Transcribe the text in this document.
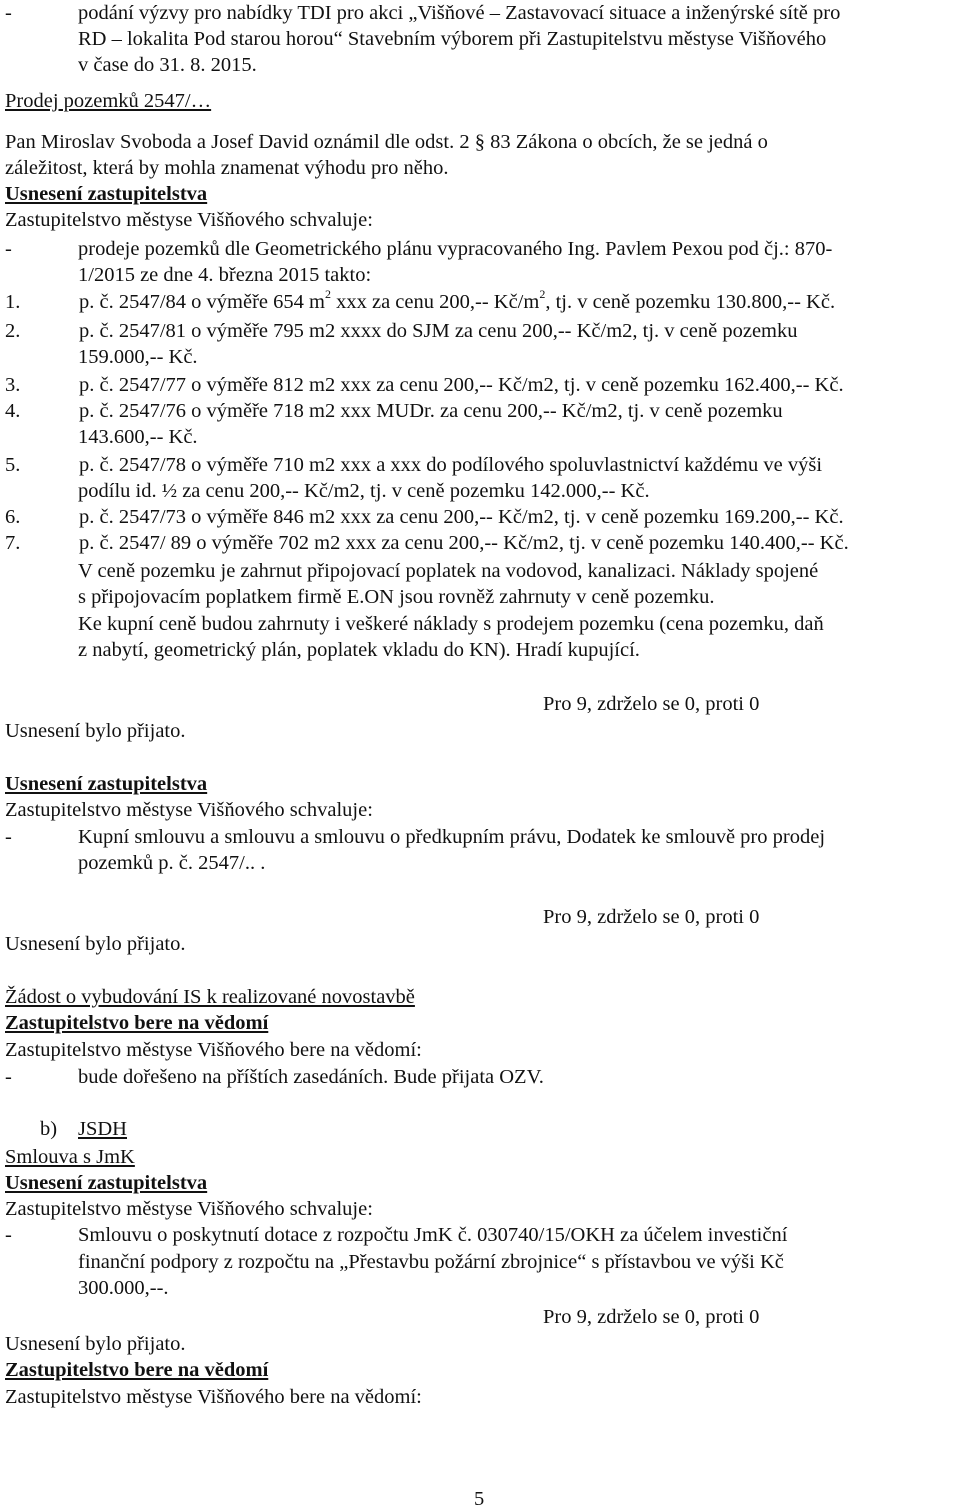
-	podání výzvy pro nabídky TDI pro akci „Višňové – Zastavovací situace a inženýrské sítě pro
RD – lokalita Pod starou horou“ Stavebním výborem při Zastupitelstvu městyse Višňového
v čase do 31. 8. 2015.
Prodej pozemků 2547/…
Pan Miroslav Svoboda a Josef David oznámil dle odst. 2 § 83 Zákona o obcích, že se jedná o
záležitost, která by mohla znamenat výhodu pro něho.
Usnesení zastupitelstva
Zastupitelstvo městyse Višňového schvaluje:
-	prodeje pozemků dle Geometrického plánu vypracovaného Ing. Pavlem Pexou pod čj.: 870-
1/2015 ze dne 4. března 2015 takto:
1.	p. č. 2547/84 o výměře 654 $m^2$ xxx za cenu 200,-- $Kč/m^2$, tj. v ceně pozemku 130.800,-- Kč.
2.	p. č. 2547/81 o výměře 795 m2 xxxx do SJM za cenu 200,-- Kč/m2, tj. v ceně pozemku
159.000,-- Kč.
3.	p. č. 2547/77 o výměře 812 m2 xxx za cenu 200,-- Kč/m2, tj. v ceně pozemku 162.400,-- Kč.
4.	p. č. 2547/76 o výměře 718 m2 xxx MUDr. za cenu 200,-- Kč/m2, tj. v ceně pozemku
143.600,-- Kč.
5.	p. č. 2547/78 o výměře 710 m2 xxx a xxx do podílového spoluvlastnictví každému ve výši
podílu id. ½ za cenu 200,-- Kč/m2, tj. v ceně pozemku 142.000,-- Kč.
6.	p. č. 2547/73 o výměře 846 m2 xxx za cenu 200,-- Kč/m2, tj. v ceně pozemku 169.200,-- Kč.
7.	p. č. 2547/ 89 o výměře 702 m2 xxx za cenu 200,-- Kč/m2, tj. v ceně pozemku 140.400,-- Kč.
V ceně pozemku je zahrnut připojovací poplatek na vodovod, kanalizaci. Náklady spojené
s připojovacím poplatkem firmě E.ON jsou rovněž zahrnuty v ceně pozemku.
Ke kupní ceně budou zahrnuty i veškeré náklady s prodejem pozemku (cena pozemku, daň
z nabytí, geometrický plán, poplatek vkladu do KN). Hradí kupující.
Pro 9, zdrželo se 0, proti 0
Usnesení bylo přijato.
Usnesení zastupitelstva
Zastupitelstvo městyse Višňového schvaluje:
-	Kupní smlouvu a smlouvu a smlouvu o předkupním právu, Dodatek ke smlouvě pro prodej
pozemků p. č. 2547/.. .
Pro 9, zdrželo se 0, proti 0
Usnesení bylo přijato.
Žádost o vybudování IS k realizované novostavbě
Zastupitelstvo bere na vědomí
Zastupitelstvo městyse Višňového bere na vědomí:
-	bude dořešeno na příštích zasedáních. Bude přijata OZV.
b) JSDH
Smlouva s JmK
Usnesení zastupitelstva
Zastupitelstvo městyse Višňového schvaluje:
-	Smlouvu o poskytnutí dotace z rozpočtu JmK č. 030740/15/OKH za účelem investiční
finanční podpory z rozpočtu na „Přestavbu požární zbrojnice“ s přístavbou ve výši Kč
300.000,--.
Pro 9, zdrželo se 0, proti 0
Usnesení bylo přijato.
Zastupitelstvo bere na vědomí
Zastupitelstvo městyse Višňového bere na vědomí:
5
